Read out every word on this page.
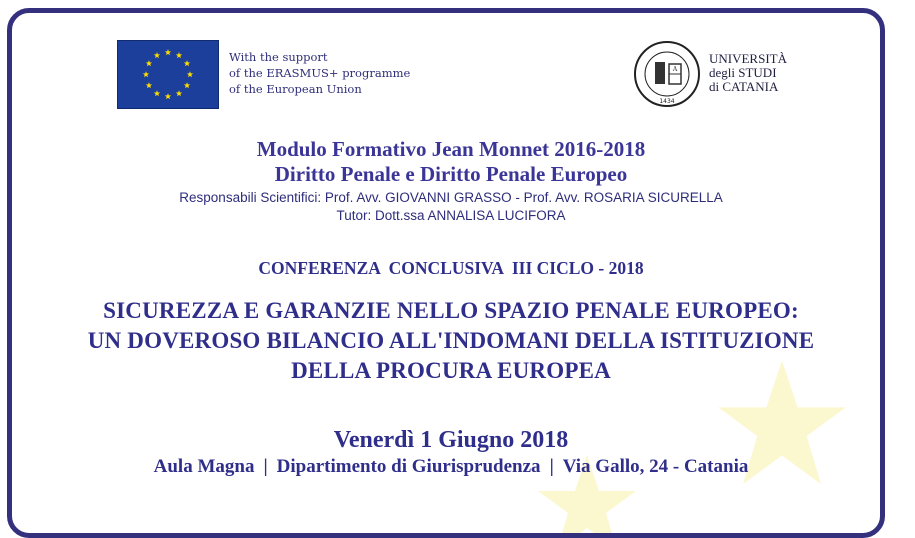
With the support
of the ERASMUS+ programme
of the European Union
A
1434
UNIVERSITÀ
degli STUDI
di CATANIA
Modulo Formativo Jean Monnet 2016-2018
Diritto Penale e Diritto Penale Europeo
Responsabili Scientifici: Prof. Avv. GIOVANNI GRASSO - Prof. Avv. ROSARIA SICURELLA
Tutor: Dott.ssa ANNALISA LUCIFORA
CONFERENZA  CONCLUSIVA  III CICLO - 2018
SICUREZZA E GARANZIE NELLO SPAZIO PENALE EUROPEO:
UN DOVEROSO BILANCIO ALL'INDOMANI DELLA ISTITUZIONE
DELLA PROCURA EUROPEA
Venerdì 1 Giugno 2018
Aula Magna | Dipartimento di Giurisprudenza | Via Gallo, 24 - Catania
